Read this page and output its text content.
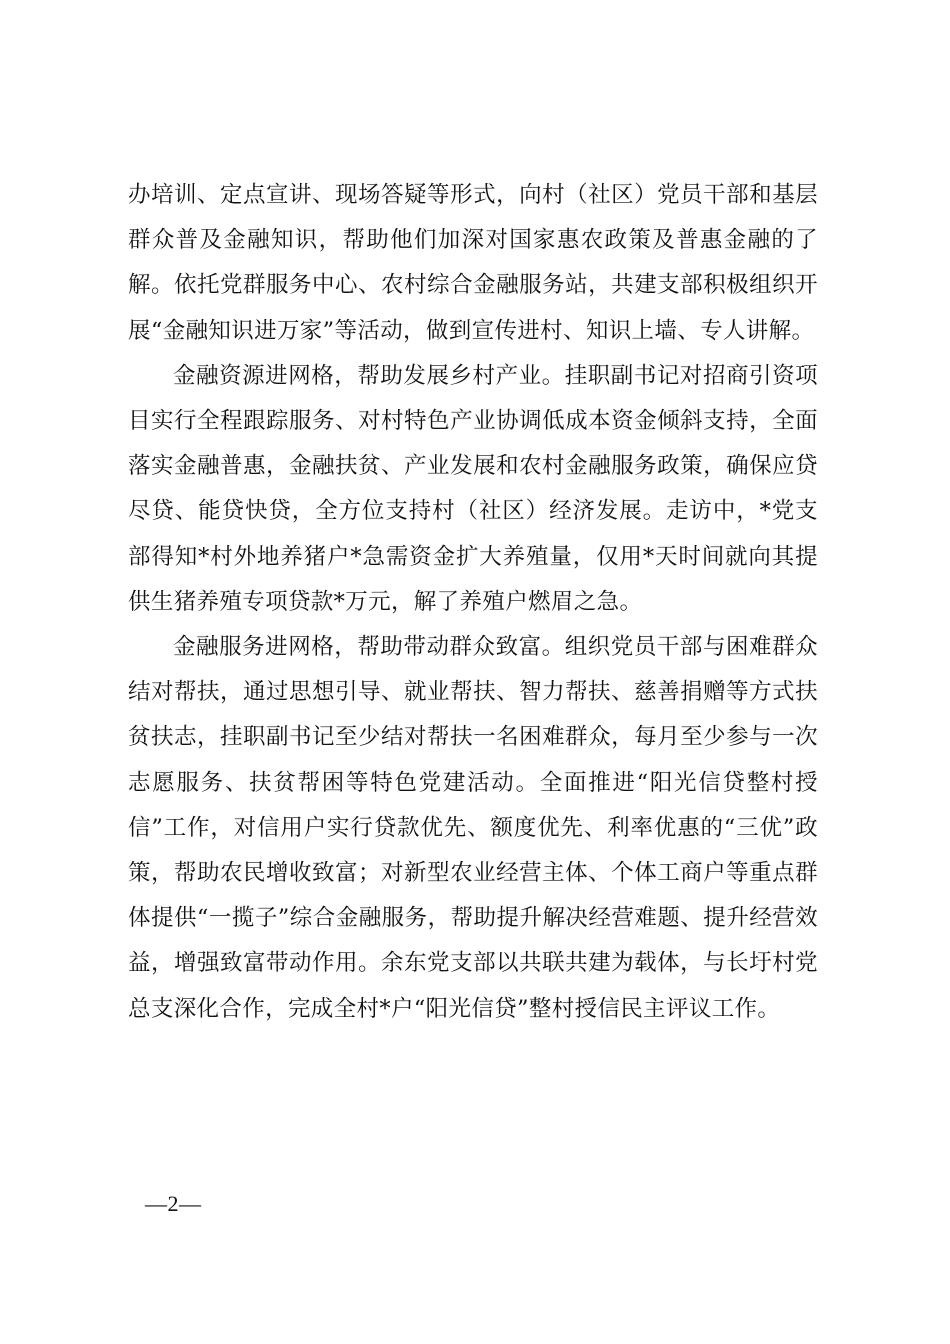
办培训、定点宣讲、现场答疑等形式，向村（社区）党员干部和基层群众普及金融知识，帮助他们加深对国家惠农政策及普惠金融的了解。依托党群服务中心、农村综合金融服务站，共建支部积极组织开展“金融知识进万家”等活动，做到宣传进村、知识上墙、专人讲解。

金融资源进网格，帮助发展乡村产业。挂职副书记对招商引资项目实行全程跟踪服务、对村特色产业协调低成本资金倾斜支持，全面落实金融普惠，金融扶贫、产业发展和农村金融服务政策，确保应贷尽贷、能贷快贷，全方位支持村（社区）经济发展。走访中，*党支部得知*村外地养猪户*急需资金扩大养殖量，仅用*天时间就向其提供生猪养殖专项贷款*万元，解了养殖户燃眉之急。

金融服务进网格，帮助带动群众致富。组织党员干部与困难群众结对帮扶，通过思想引导、就业帮扶、智力帮扶、慈善捐赠等方式扶贫扶志，挂职副书记至少结对帮扶一名困难群众，每月至少参与一次志愿服务、扶贫帮困等特色党建活动。全面推进“阳光信贷整村授信”工作，对信用户实行贷款优先、额度优先、利率优惠的“三优”政策，帮助农民增收致富；对新型农业经营主体、个体工商户等重点群体提供“一揽子”综合金融服务，帮助提升解决经营难题、提升经营效益，增强致富带动作用。余东党支部以共联共建为载体，与长圩村党总支深化合作，完成全村*户“阳光信贷”整村授信民主评议工作。

—2—
